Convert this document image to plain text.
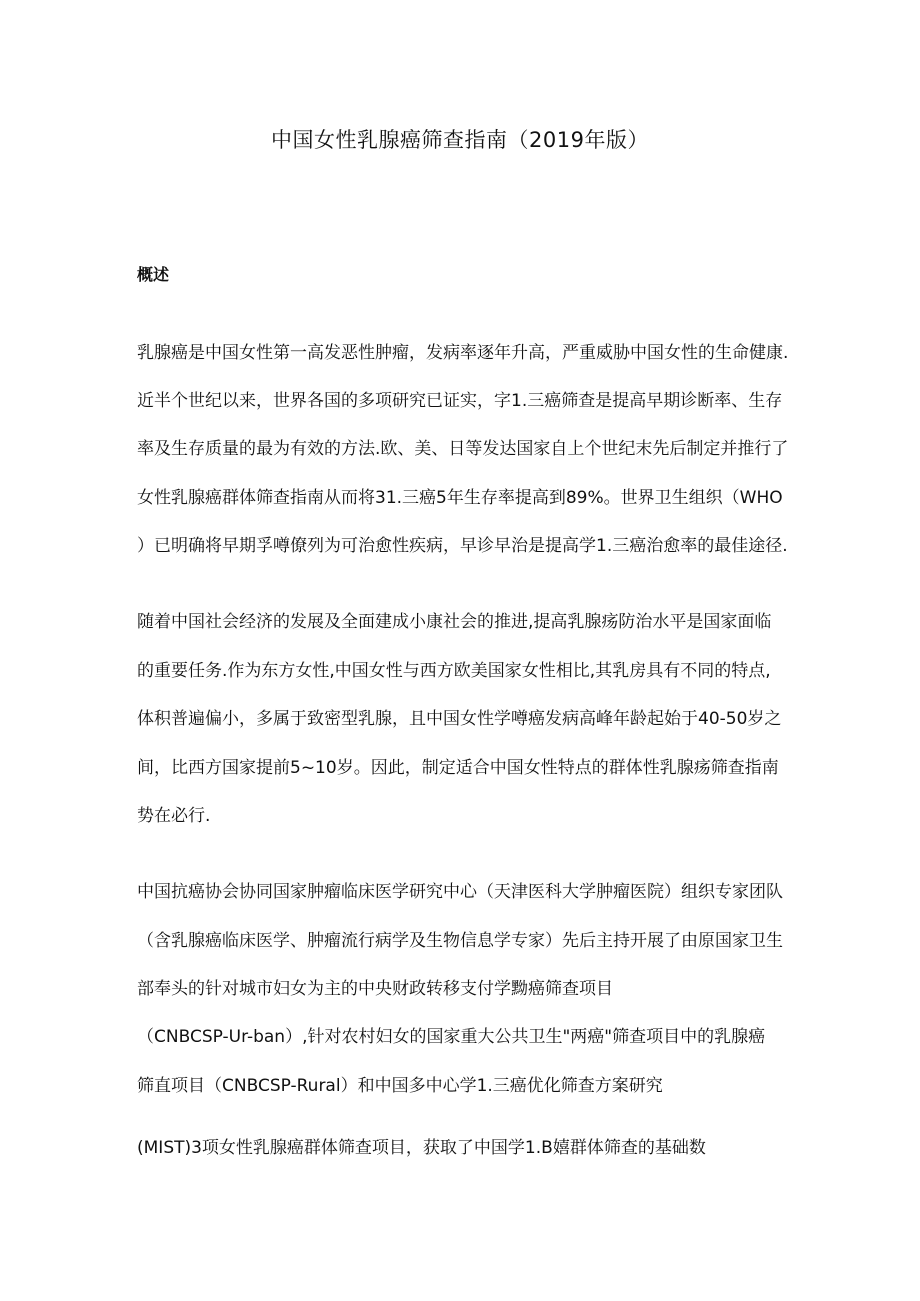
中国女性乳腺癌筛查指南（2019年版）
概述
乳腺癌是中国女性第一高发恶性肿瘤，发病率逐年升高，严重威胁中国女性的生命健康.
近半个世纪以来，世界各国的多项研究已证实，字1.三癌筛查是提高早期诊断率、生存
率及生存质量的最为有效的方法.欧、美、日等发达国家自上个世纪末先后制定并推行了
女性乳腺癌群体筛查指南从而将31.三癌5年生存率提高到89%。世界卫生组织（WHO
）已明确将早期孚噂僚列为可治愈性疾病，早诊早治是提高学1.三癌治愈率的最佳途径.
随着中国社会经济的发展及全面建成小康社会的推进,提高乳腺疡防治水平是国家面临
的重要任务.作为东方女性,中国女性与西方欧美国家女性相比,其乳房具有不同的特点,
体积普遍偏小，多属于致密型乳腺，且中国女性学噂癌发病高峰年龄起始于40-50岁之
间，比西方国家提前5~10岁。因此，制定适合中国女性特点的群体性乳腺疡筛查指南
势在必行.
中国抗癌协会协同国家肿瘤临床医学研究中心（天津医科大学肿瘤医院）组织专家团队
（含乳腺癌临床医学、肿瘤流行病学及生物信息学专家）先后主持开展了由原国家卫生
部奉头的针对城市妇女为主的中央财政转移支付学黝癌筛查项目
（CNBCSP-Ur-ban）,针对农村妇女的国家重大公共卫生"两癌"筛查项目中的乳腺癌
筛直项目（CNBCSP-Rural）和中国多中心学1.三癌优化筛查方案研究
(MIST)3项女性乳腺癌群体筛查项目，获取了中国学1.B嬉群体筛查的基础数
